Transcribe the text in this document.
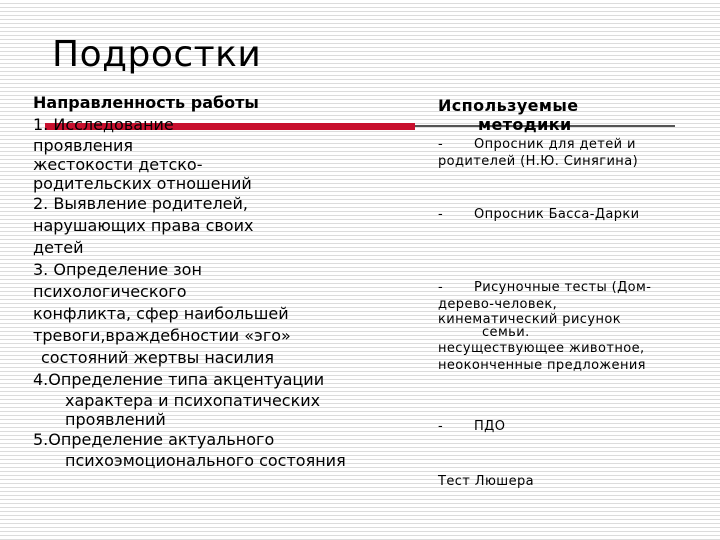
Подростки
Направленность работы
1. Исследование
проявления
жестокости детско-
родительских отношений
2. Выявление родителей,
нарушающих права своих
детей
3. Определение зон
психологического
конфликта, сфер наибольшей
тревоги,враждебностии «эго»
состояний жертвы насилия
4.Определение типа акцентуации
характера и психопатических
проявлений
5.Определение актуального
психоэмоционального состояния
Используемые
методики
- Опросник для детей и
родителей (Н.Ю. Синягина)
- Опросник Басса-Дарки
- Рисуночные тесты (Дом-
дерево-человек,
кинематический рисунок
семьи.
несуществующее животное,
неоконченные предложения
- ПДО
Тест Люшера
